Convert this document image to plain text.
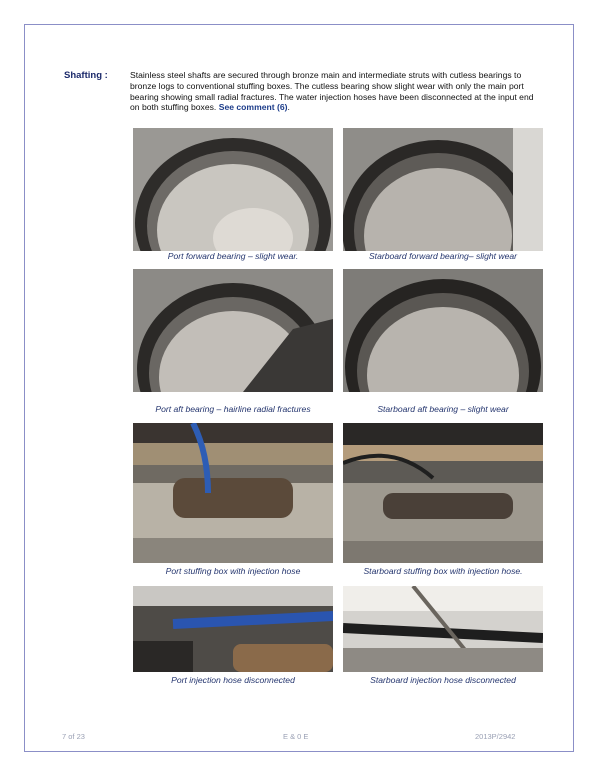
Shafting :	Stainless steel shafts are secured through bronze main and intermediate struts with cutless bearings to bronze logs to conventional stuffing boxes. The cutless bearing show slight wear with only the main port bearing showing small radial fractures. The water injection hoses have been disconnected at the input end on both stuffing boxes. See comment (6).
Port forward bearing – slight wear.	Starboard forward bearing– slight wear
Port aft bearing – hairline radial fractures	Starboard aft bearing – slight wear
Port stuffing box with injection hose	Starboard stuffing box with injection hose.
Port injection hose disconnected	Starboard injection hose disconnected
7 of 23	E & 0 E	2013P/2942
